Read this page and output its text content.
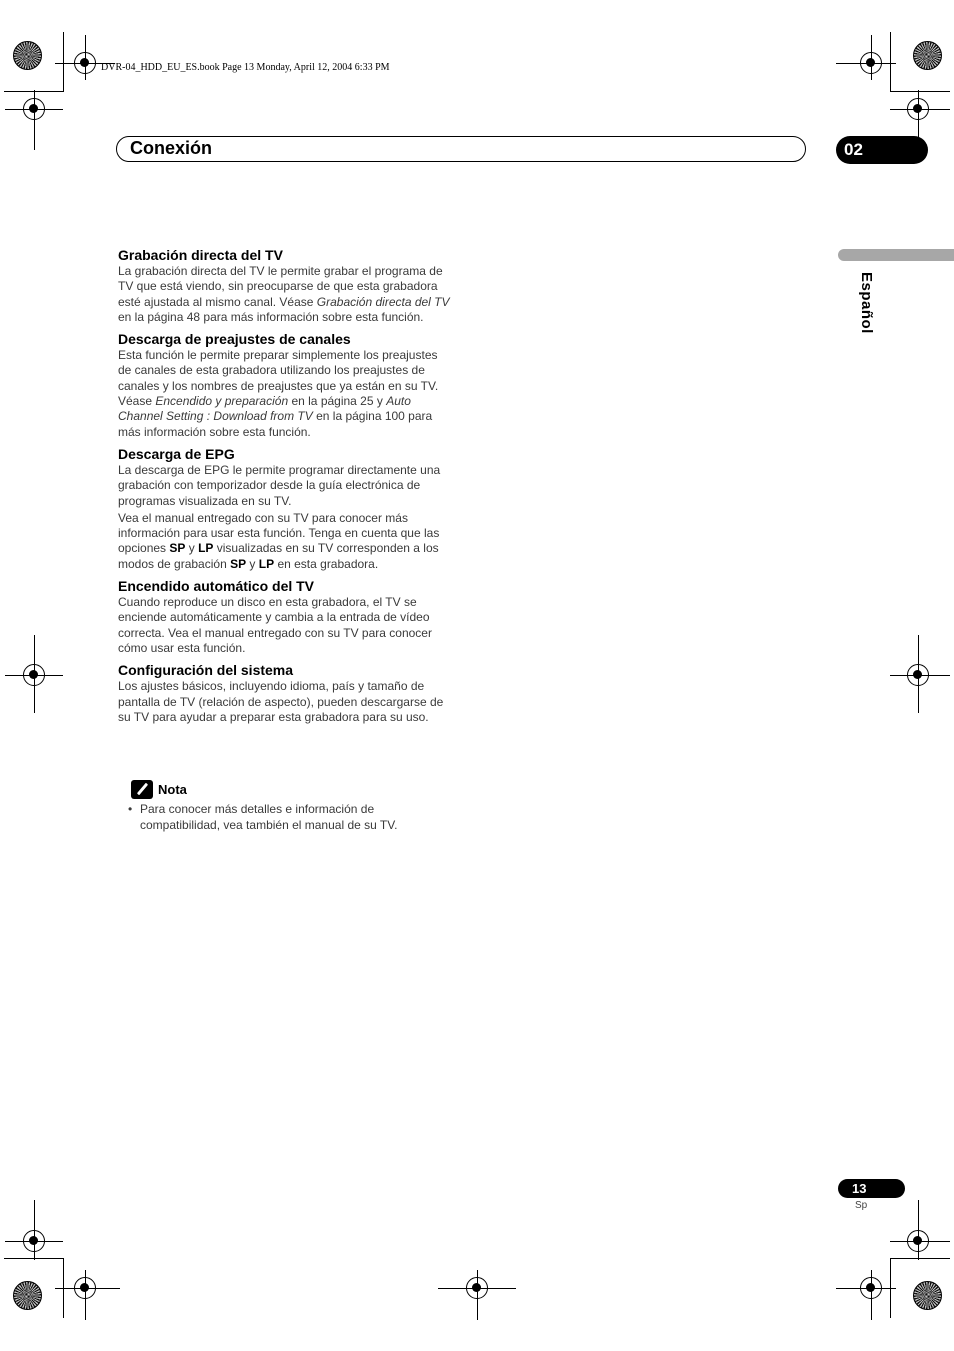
DVR-04_HDD_EU_ES.book Page 13 Monday, April 12, 2004 6:33 PM
Conexión	02
Español
Grabación directa del TV

La grabación directa del TV le permite grabar el programa de TV que está viendo, sin preocuparse de que esta grabadora esté ajustada al mismo canal. Véase Grabación directa del TV en la página 48 para más información sobre esta función.

Descarga de preajustes de canales

Esta función le permite preparar simplemente los preajustes de canales de esta grabadora utilizando los preajustes de canales y los nombres de preajustes que ya están en su TV. Véase Encendido y preparación en la página 25 y Auto Channel Setting : Download from TV en la página 100 para más información sobre esta función.

Descarga de EPG

La descarga de EPG le permite programar directamente una grabación con temporizador desde la guía electrónica de programas visualizada en su TV.

Vea el manual entregado con su TV para conocer más información para usar esta función. Tenga en cuenta que las opciones SP y LP visualizadas en su TV corresponden a los modos de grabación SP y LP en esta grabadora.

Encendido automático del TV

Cuando reproduce un disco en esta grabadora, el TV se enciende automáticamente y cambia a la entrada de vídeo correcta. Vea el manual entregado con su TV para conocer cómo usar esta función.

Configuración del sistema

Los ajustes básicos, incluyendo idioma, país y tamaño de pantalla de TV (relación de aspecto), pueden descargarse de su TV para ayudar a preparar esta grabadora para su uso.

Nota
• Para conocer más detalles e información de compatibilidad, vea también el manual de su TV.
13
Sp
